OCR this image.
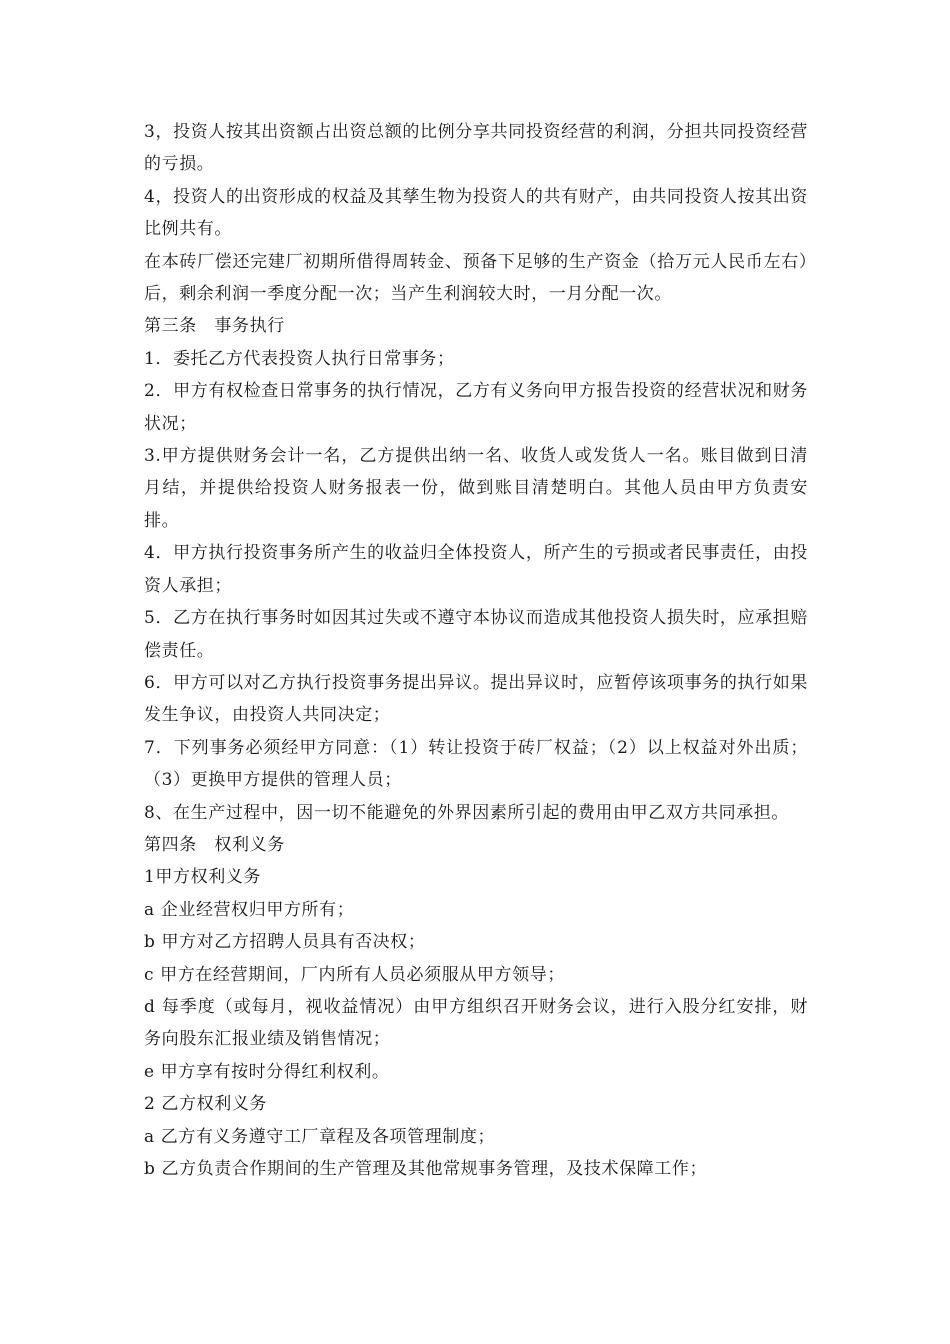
3，投资人按其出资额占出资总额的比例分享共同投资经营的利润，分担共同投资经营的亏损。

4，投资人的出资形成的权益及其孳生物为投资人的共有财产，由共同投资人按其出资比例共有。

在本砖厂偿还完建厂初期所借得周转金、预备下足够的生产资金（拾万元人民币左右）后，剩余利润一季度分配一次；当产生利润较大时，一月分配一次。

第三条　事务执行

1．委托乙方代表投资人执行日常事务；

2．甲方有权检查日常事务的执行情况，乙方有义务向甲方报告投资的经营状况和财务状况；

3.甲方提供财务会计一名，乙方提供出纳一名、收货人或发货人一名。账目做到日清月结，并提供给投资人财务报表一份，做到账目清楚明白。其他人员由甲方负责安排。

4．甲方执行投资事务所产生的收益归全体投资人，所产生的亏损或者民事责任，由投资人承担；

5．乙方在执行事务时如因其过失或不遵守本协议而造成其他投资人损失时，应承担赔偿责任。

6．甲方可以对乙方执行投资事务提出异议。提出异议时，应暂停该项事务的执行如果发生争议，由投资人共同决定；

7．下列事务必须经甲方同意：（1）转让投资于砖厂权益；（2）以上权益对外出质；（3）更换甲方提供的管理人员；

8、在生产过程中，因一切不能避免的外界因素所引起的费用由甲乙双方共同承担。

第四条　权利义务

1甲方权利义务

a 企业经营权归甲方所有；

b 甲方对乙方招聘人员具有否决权；

c 甲方在经营期间，厂内所有人员必须服从甲方领导；

d 每季度（或每月，视收益情况）由甲方组织召开财务会议，进行入股分红安排，财务向股东汇报业绩及销售情况；

e 甲方享有按时分得红利权利。

2 乙方权利义务

a 乙方有义务遵守工厂章程及各项管理制度；

b 乙方负责合作期间的生产管理及其他常规事务管理，及技术保障工作；
